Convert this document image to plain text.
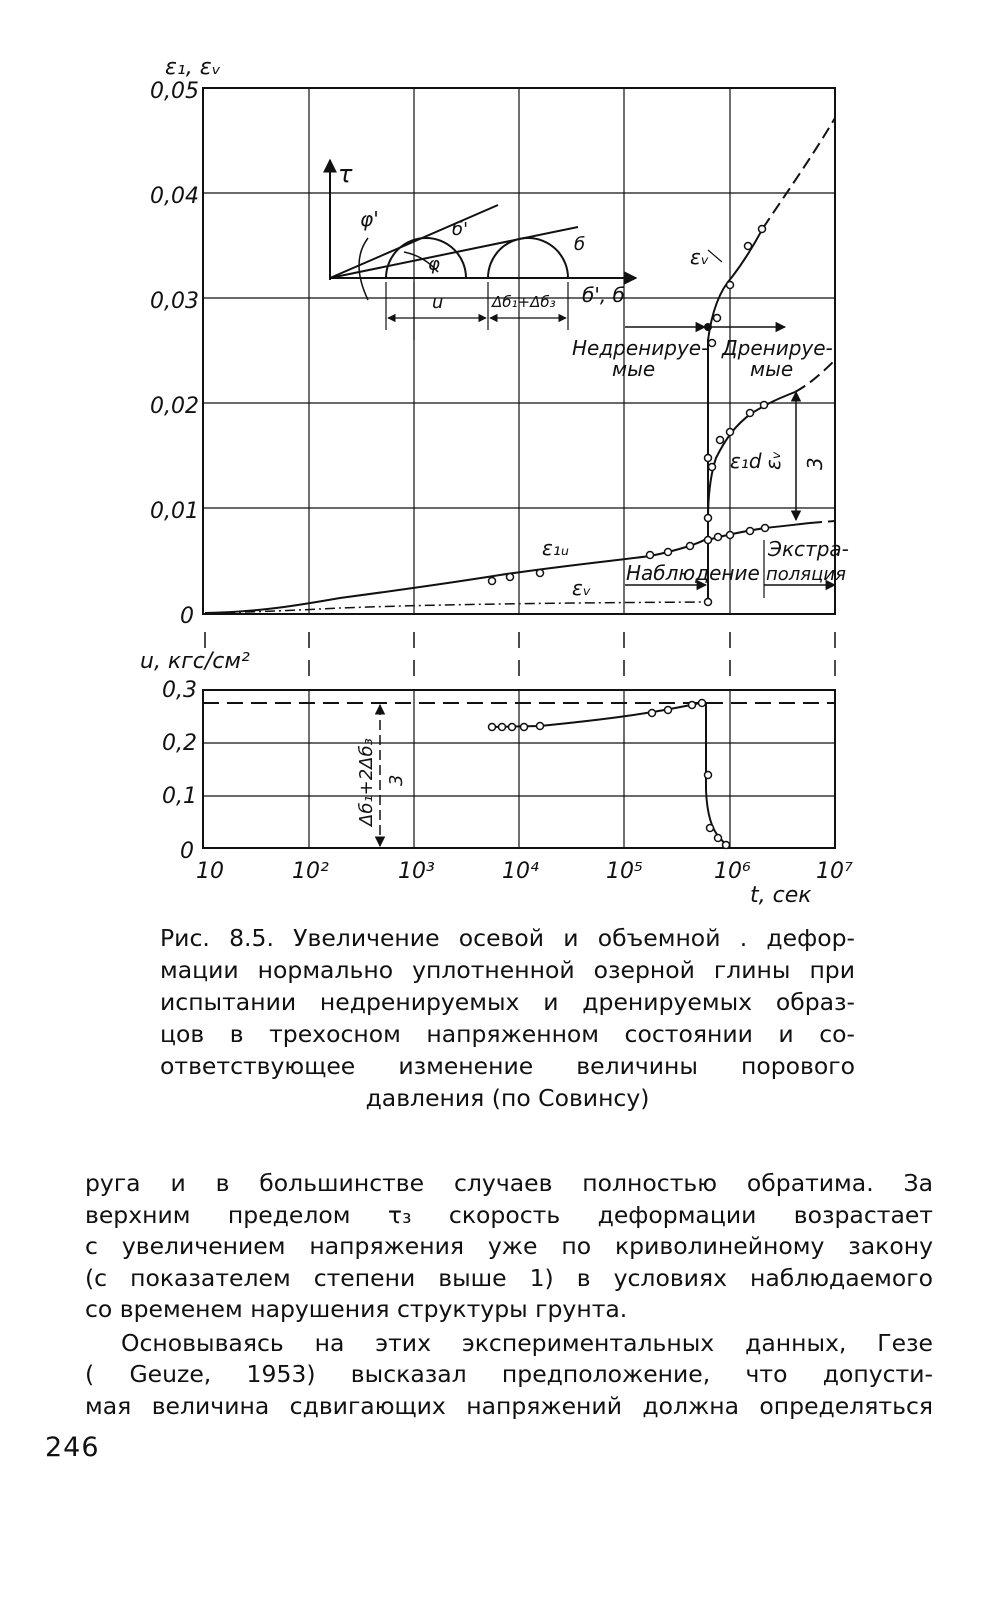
ε₁, εᵥ
0,05
0,04
0,03
0,02
0,01
0
τ
φ'
φ
б'
б
u	Δб₁+Δб₃ б', б
ε₁ᵤ
εᵥ
εᵥ
ε₁d εᵥ 3
Недренируе-
мые
Дренируе-
мые
Наблюдение
Экстра-
поляция
u, кгс/см²
0,3
0,2
0,1
0
10	10²	10³	10⁴	10⁵	10⁶	10⁷
t, сек
Δб₁+2Δб₃ 3
Рис. 8.5. Увеличение осевой и объемной . дефор-
мации нормально уплотненной озерной глины при
испытании недренируемых и дренируемых образ-
цов в трехосном напряженном состоянии и со-
ответствующее изменение величины порового
давления (по Совинсу)

руга и в большинстве случаев полностью обратима. За
верхним пределом τ₃ скорость деформации возрастает
с увеличением напряжения уже по криволинейному закону
(с показателем степени выше 1) в условиях наблюдаемого
со временем нарушения структуры грунта.

Основываясь на этих экспериментальных данных, Гезе
( Geuze, 1953) высказал предположение, что допусти-
мая величина сдвигающих напряжений должна определяться

246
